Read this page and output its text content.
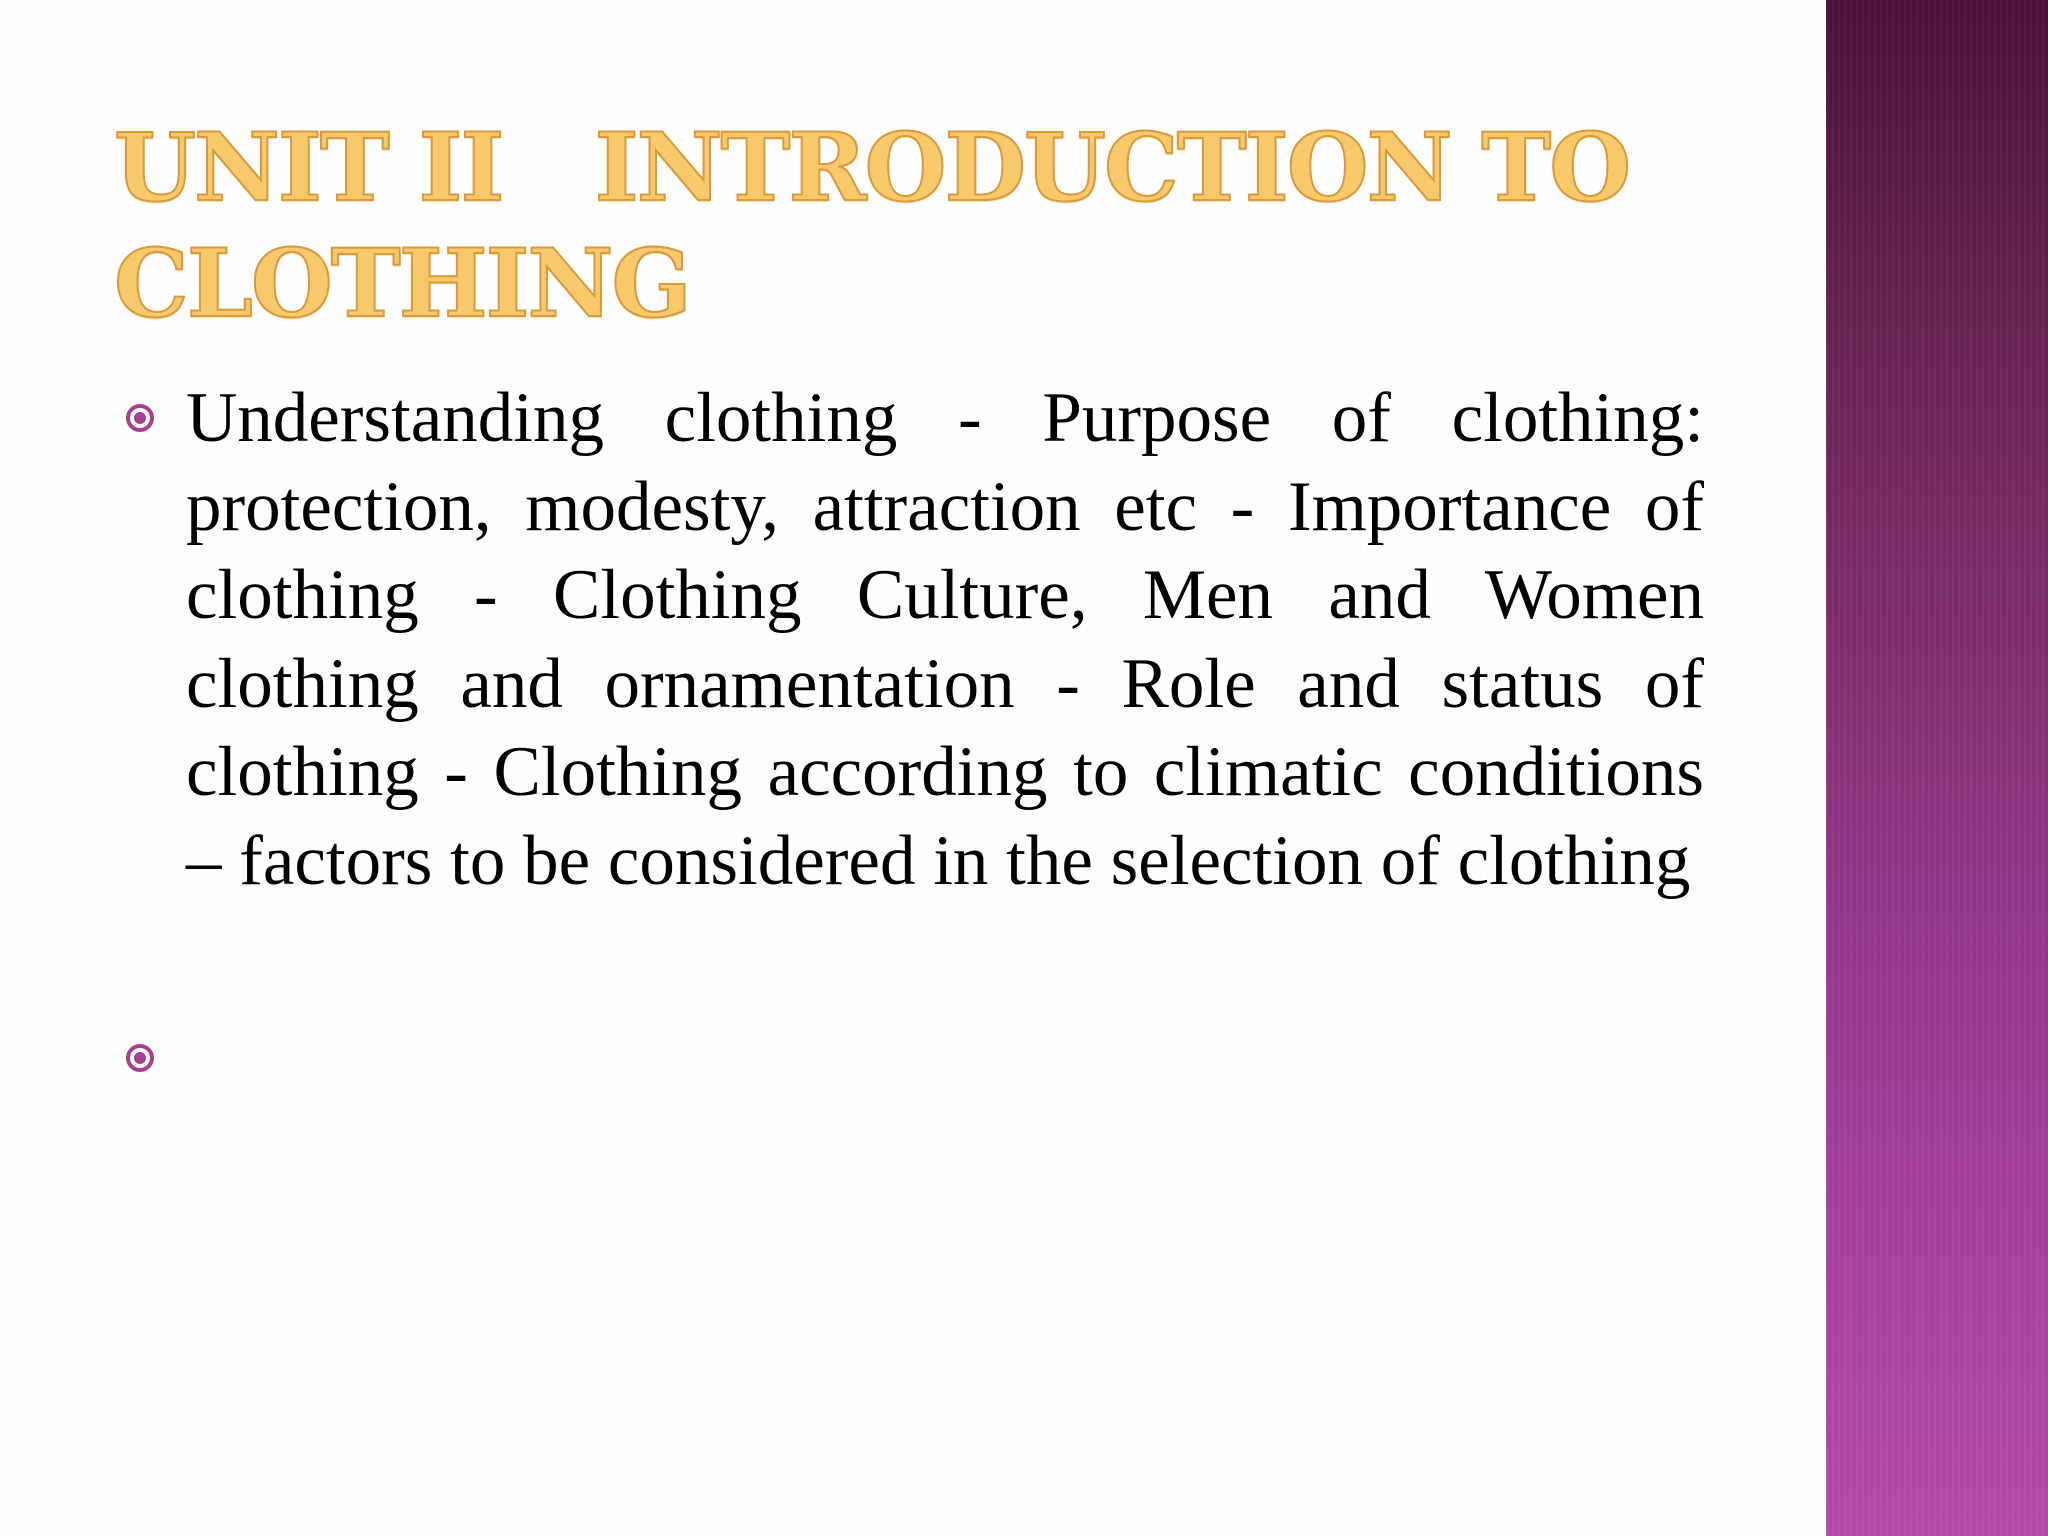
UNIT II   INTRODUCTION TO CLOTHING
Understanding clothing - Purpose of clothing: protection, modesty, attraction etc - Importance of clothing - Clothing Culture, Men and Women clothing and ornamentation - Role and status of clothing - Clothing according to climatic conditions – factors to be considered in the selection of clothing
